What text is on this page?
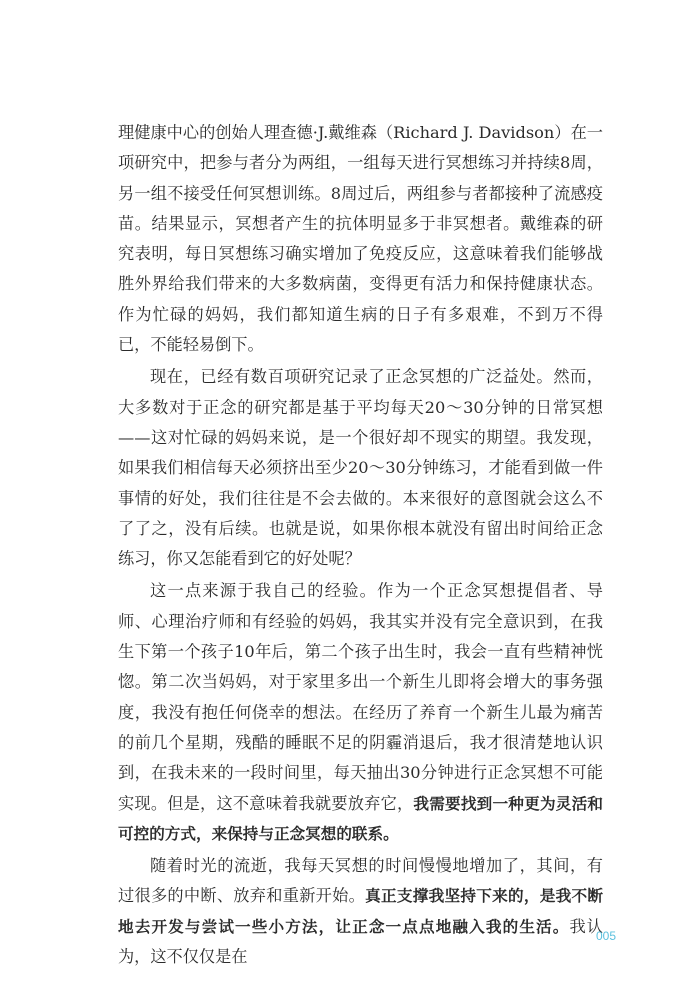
理健康中心的创始人理查德·J.戴维森（Richard J. Davidson）在一项研究中，把参与者分为两组，一组每天进行冥想练习并持续8周，另一组不接受任何冥想训练。8周过后，两组参与者都接种了流感疫苗。结果显示，冥想者产生的抗体明显多于非冥想者。戴维森的研究表明，每日冥想练习确实增加了免疫反应，这意味着我们能够战胜外界给我们带来的大多数病菌，变得更有活力和保持健康状态。作为忙碌的妈妈，我们都知道生病的日子有多艰难，不到万不得已，不能轻易倒下。

现在，已经有数百项研究记录了正念冥想的广泛益处。然而，大多数对于正念的研究都是基于平均每天20～30分钟的日常冥想——这对忙碌的妈妈来说，是一个很好却不现实的期望。我发现，如果我们相信每天必须挤出至少20～30分钟练习，才能看到做一件事情的好处，我们往往是不会去做的。本来很好的意图就会这么不了了之，没有后续。也就是说，如果你根本就没有留出时间给正念练习，你又怎能看到它的好处呢？

这一点来源于我自己的经验。作为一个正念冥想提倡者、导师、心理治疗师和有经验的妈妈，我其实并没有完全意识到，在我生下第一个孩子10年后，第二个孩子出生时，我会一直有些精神恍惚。第二次当妈妈，对于家里多出一个新生儿即将会增大的事务强度，我没有抱任何侥幸的想法。在经历了养育一个新生儿最为痛苦的前几个星期，残酷的睡眠不足的阴霾消退后，我才很清楚地认识到，在我未来的一段时间里，每天抽出30分钟进行正念冥想不可能实现。但是，这不意味着我就要放弃它，我需要找到一种更为灵活和可控的方式，来保持与正念冥想的联系。

随着时光的流逝，我每天冥想的时间慢慢地增加了，其间，有过很多的中断、放弃和重新开始。真正支撑我坚持下来的，是我不断地去开发与尝试一些小方法，让正念一点点地融入我的生活。我认为，这不仅仅是在

005
